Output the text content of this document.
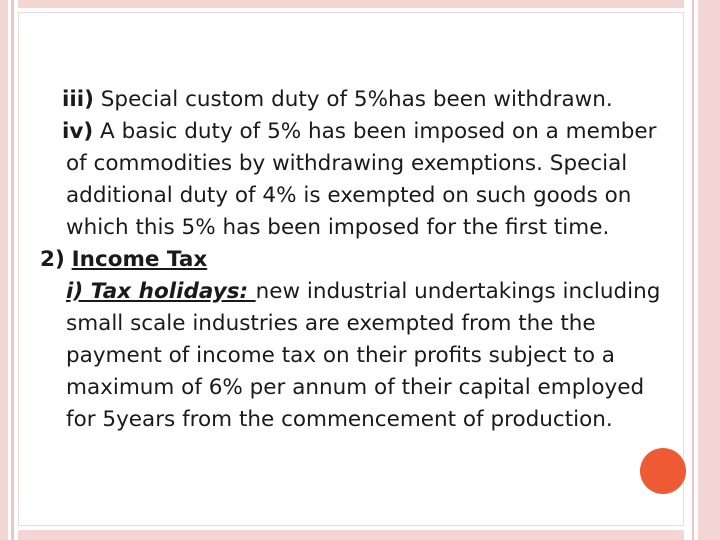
iii) Special custom duty of 5%has been withdrawn.
iv) A basic duty of 5% has been imposed on a member
of commodities by withdrawing exemptions. Special
additional duty of 4% is exempted on such goods on
which this 5% has been imposed for the first time.
2) Income Tax
i) Tax holidays: new industrial undertakings including
small scale industries are exempted from the the
payment of income tax on their profits subject to a
maximum of 6% per annum of their capital employed
for 5years from the commencement of production.
